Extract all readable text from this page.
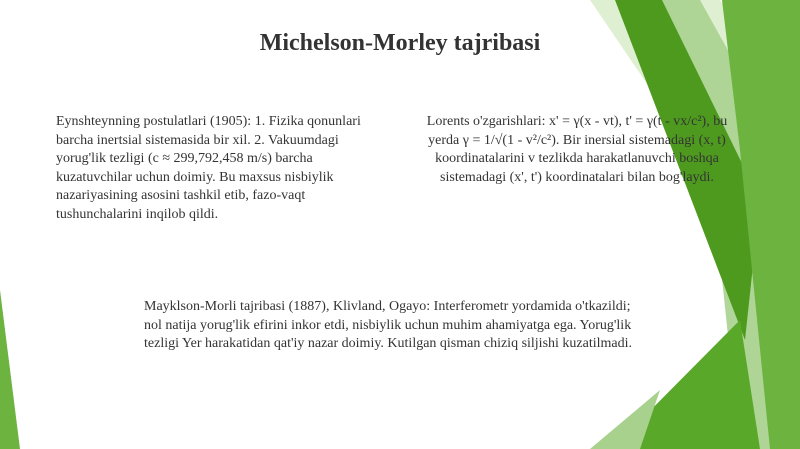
Michelson-Morley tajribasi
Eynshteynning postulatlari (1905): 1. Fizika qonunlari barcha inertsial sistemasida bir xil. 2. Vakuumdagi yorug'lik tezligi (c ≈ 299,792,458 m/s) barcha kuzatuvchilar uchun doimiy. Bu maxsus nisbiylik nazariyasining asosini tashkil etib, fazo-vaqt tushunchalarini inqilob qildi.
Lorents o'zgarishlari: x' = γ(x - vt), t' = γ(t - vx/c²), bu yerda γ = 1/√(1 - v²/c²). Bir inersial sistemadagi (x, t) koordinatalarini v tezlikda harakatlanuvchi boshqa sistemadagi (x', t') koordinatalari bilan bog'laydi.
Mayklson-Morli tajribasi (1887), Klivland, Ogayo: Interferometr yordamida o'tkazildi; nol natija yorug'lik efirini inkor etdi, nisbiylik uchun muhim ahamiyatga ega. Yorug'lik tezligi Yer harakatidan qat'iy nazar doimiy. Kutilgan qisman chiziq siljishi kuzatilmadi.
